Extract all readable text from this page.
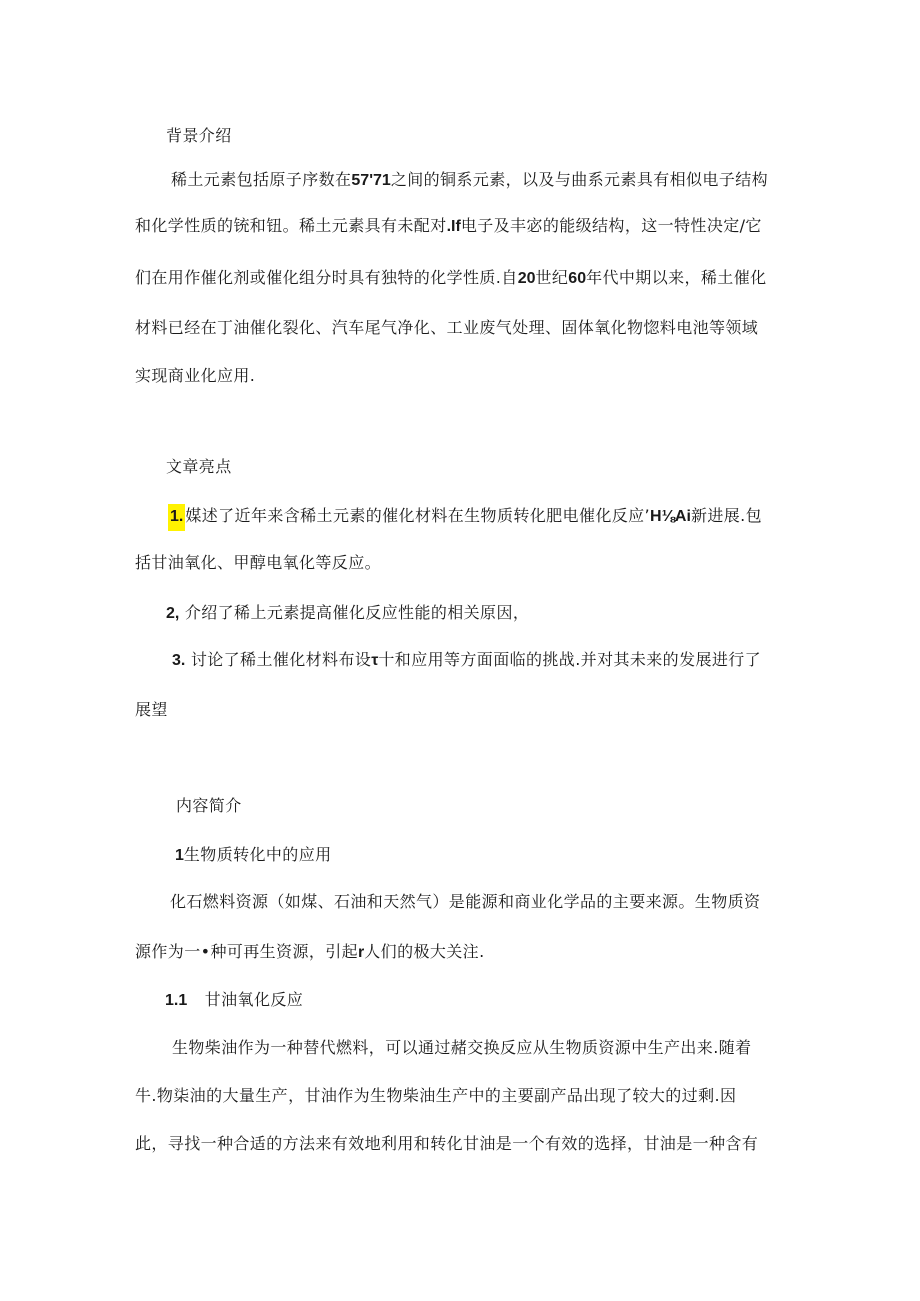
背景介绍
稀土元素包括原子序数在57'71之间的铜系元素，以及与曲系元素具有相似电子结构
和化学性质的铳和钮。稀土元素具有未配对.If电子及丰宓的能级结构，这一特性决定/它
们在用作催化剂或催化组分时具有独特的化学性质.自20世纪60年代中期以来，稀土催化
材料已经在丁油催化裂化、汽车尾气净化、工业废气处理、固体氧化物惚料电池等领域
实现商业化应用.
文章亮点
1. 媒述了近年来含稀土元素的催化材料在生物质转化肥电催化反应’H⅛Ai新进展.包
括甘油氧化、甲醇电氧化等反应。
2, 介绍了稀上元素提高催化反应性能的相关原因，
3. 讨论了稀土催化材料布设τ十和应用等方面面临的挑战.并对其未来的发展进行了
展望
内容简介
1生物质转化中的应用
化石燃料资源（如煤、石油和天然气）是能源和商业化学品的主要来源。生物质资
源作为一•种可再生资源，引起r人们的极大关注.
1.1 甘油氧化反应
生物柴油作为一种替代燃料，可以通过赭交换反应从生物质资源中生产出来.随着
牛.物柒油的大量生产，甘油作为生物柴油生产中的主要副产品出现了较大的过剩.因
此，寻找一种合适的方法来有效地利用和转化甘油是一个有效的选择，甘油是一种含有
